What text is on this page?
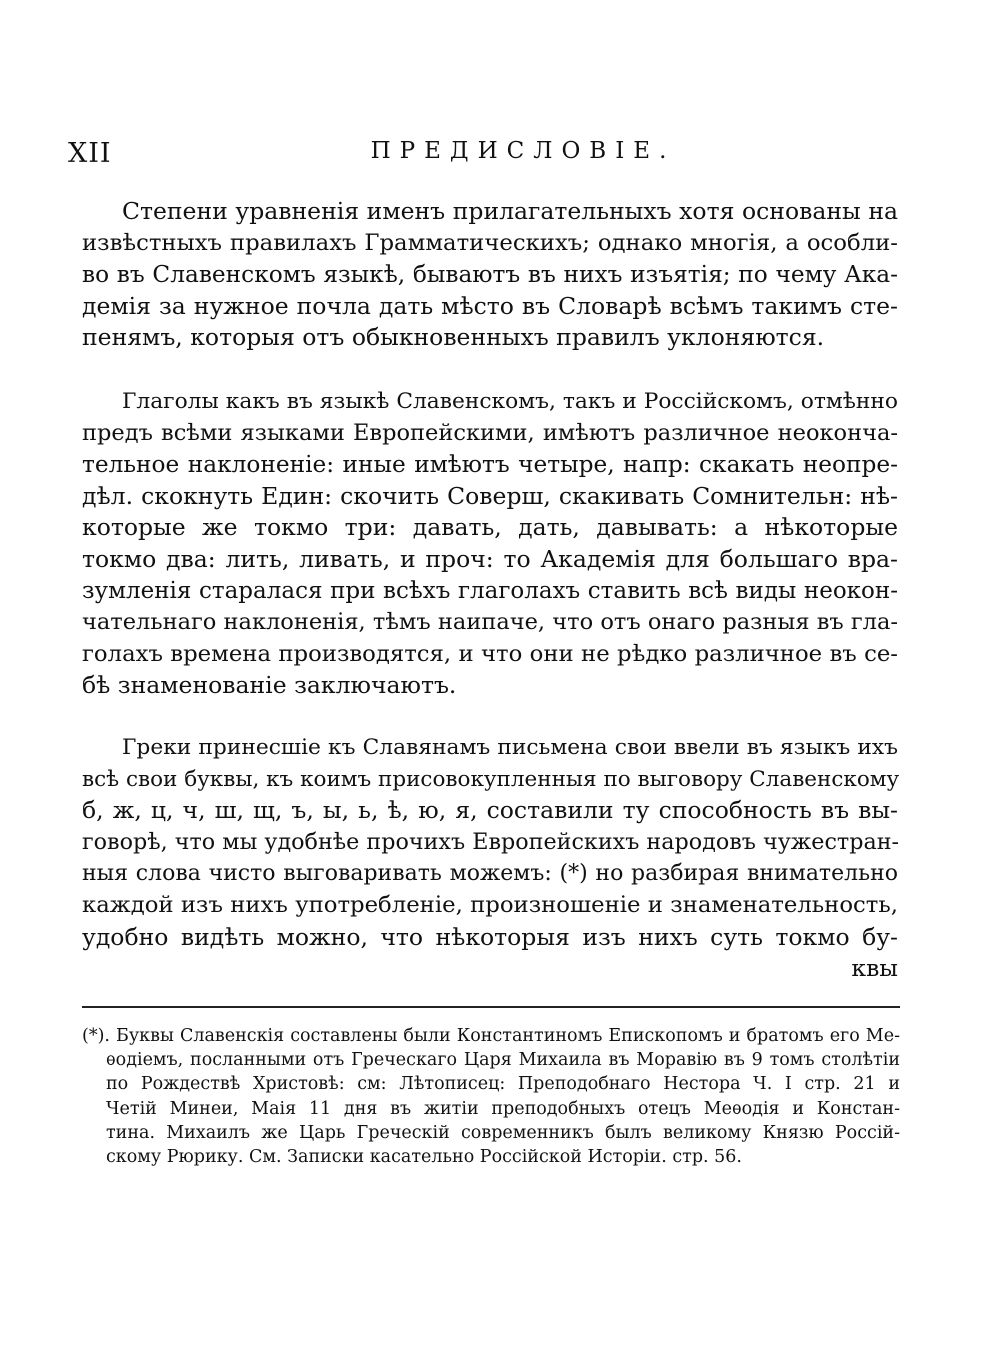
XII	ПРЕДИСЛОВІЕ.
Степени уравненія именъ прилагательныхъ хотя основаны на
извѣстныхъ правилахъ Грамматическихъ; однако многія, а особли-
во въ Славенскомъ языкѣ, бываютъ въ нихъ изъятія; по чему Ака-
демія за нужное почла дать мѣсто въ Словарѣ всѣмъ такимъ сте-
пенямъ, которыя отъ обыкновенныхъ правилъ уклоняются.
Глаголы какъ въ языкѣ Славенскомъ, такъ и Россійскомъ, отмѣнно
предъ всѣми языками Европейскими, имѣютъ различное неоконча-
тельное наклоненіе: иные имѣютъ четыре, напр: скакать неопре-
дѣл. скокнуть Един: скочить Соверш, скакивать Сомнительн: нѣ-
которые же токмо три: давать, дать, давывать: а нѣкоторые
токмо два: лить, ливать, и проч: то Академія для большаго вра-
зумленія старалася при всѣхъ глаголахъ ставить всѣ виды неокон-
чательнаго наклоненія, тѣмъ наипаче, что отъ онаго разныя въ гла-
голахъ времена производятся, и что они не рѣдко различное въ се-
бѣ знаменованіе заключаютъ.
Греки принесшіе къ Славянамъ письмена свои ввели въ языкъ ихъ
всѣ свои буквы, къ коимъ присовокупленныя по выговору Славенскому
б, ж, ц, ч, ш, щ, ъ, ы, ь, ѣ, ю, я, составили ту способность въ вы-
говорѣ, что мы удобнѣе прочихъ Европейскихъ народовъ чужестран-
ныя слова чисто выговаривать можемъ: (*) но разбирая внимательно
каждой изъ нихъ употребленіе, произношеніе и знаменательность,
удобно видѣть можно, что нѣкоторыя изъ нихъ суть токмо бу-
квы
(*). Буквы Славенскія составлены были Константиномъ Епископомъ и братомъ его Ме-
ѳодіемъ, посланными отъ Греческаго Царя Михаила въ Моравію въ 9 томъ столѣтіи
по Рождествѣ Христовѣ: см: Лѣтописец: Преподобнаго Нестора Ч. I стр. 21 и
Четій Минеи, Маія 11 дня въ житіи преподобныхъ отецъ Меѳодія и Констан-
тина. Михаилъ же Царь Греческій современникъ былъ великому Князю Россій-
скому Рюрику. См. Записки касательно Россійской Исторіи. стр. 56.
